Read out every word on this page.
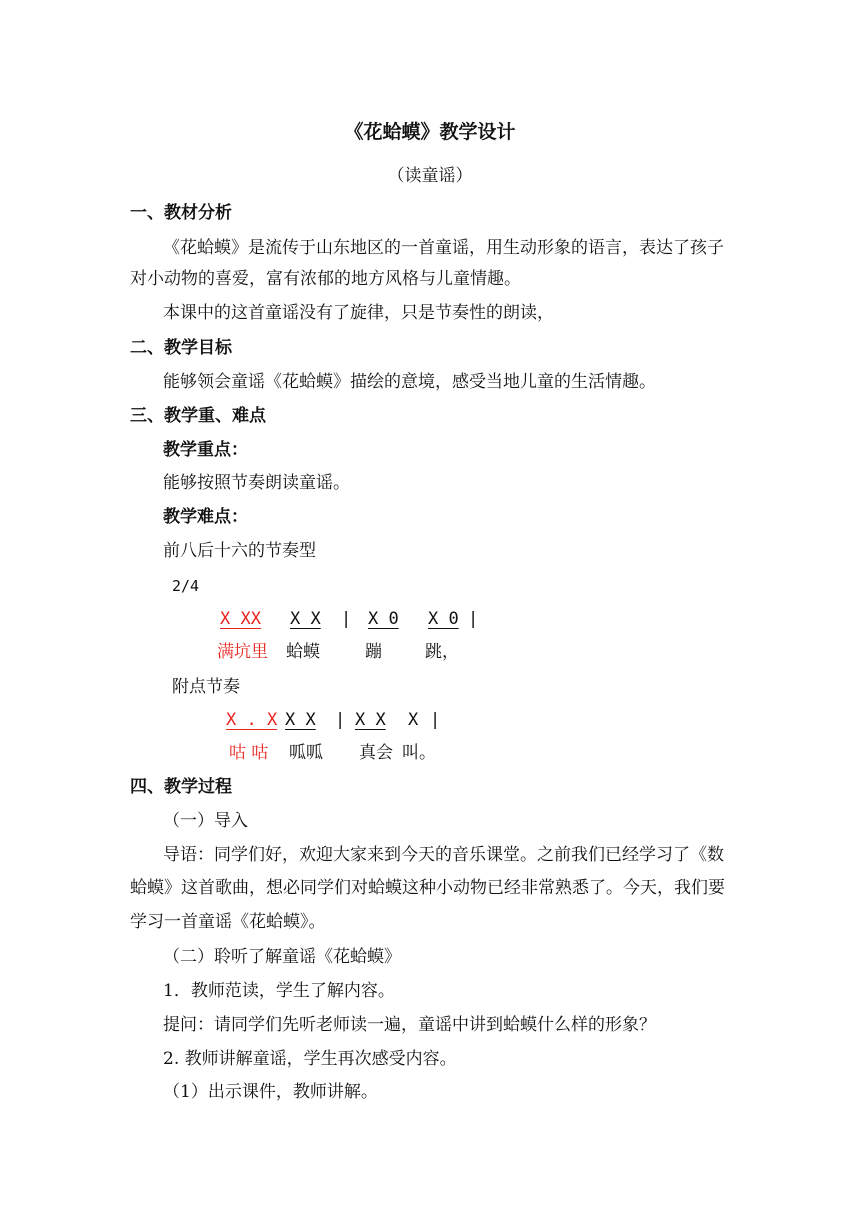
《花蛤蟆》教学设计
（读童谣）
一、教材分析
《花蛤蟆》是流传于山东地区的一首童谣，用生动形象的语言，表达了孩子
对小动物的喜爱，富有浓郁的地方风格与儿童情趣。
本课中的这首童谣没有了旋律，只是节奏性的朗读，
二、教学目标
能够领会童谣《花蛤蟆》描绘的意境，感受当地儿童的生活情趣。
三、教学重、难点
教学重点：
能够按照节奏朗读童谣。
教学难点：
前八后十六的节奏型
2/4
X XX X X | X 0 X 0 |
满坑里 蛤蟆	蹦	跳，
附点节奏
X . X X X | X X X |
咕 咕 呱呱 真会 叫。
四、教学过程
（一）导入
导语：同学们好，欢迎大家来到今天的音乐课堂。之前我们已经学习了《数
蛤蟆》这首歌曲，想必同学们对蛤蟆这种小动物已经非常熟悉了。今天，我们要
学习一首童谣《花蛤蟆》。
（二）聆听了解童谣《花蛤蟆》
1．教师范读，学生了解内容。
提问：请同学们先听老师读一遍，童谣中讲到蛤蟆什么样的形象？
2. 教师讲解童谣，学生再次感受内容。
（1）出示课件，教师讲解。
